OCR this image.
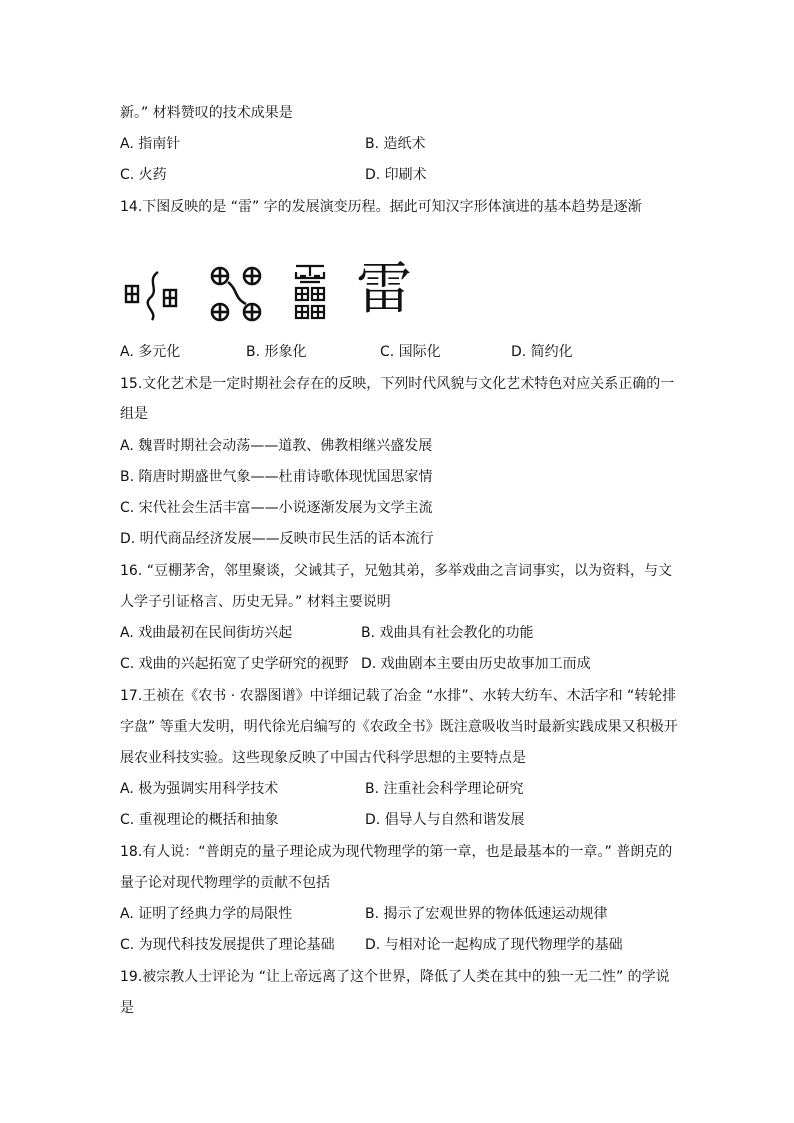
新。” 材料赞叹的技术成果是
A. 指南针	B. 造纸术
C. 火药	D. 印刷术
14.下图反映的是 “雷” 字的发展演变历程。据此可知汉字形体演进的基本趋势是逐渐
雷
A. 多元化	B. 形象化	C. 国际化	D. 简约化
15.文化艺术是一定时期社会存在的反映，下列时代风貌与文化艺术特色对应关系正确的一
组是
A. 魏晋时期社会动荡——道教、佛教相继兴盛发展
B. 隋唐时期盛世气象——杜甫诗歌体现忧国思家情
C. 宋代社会生活丰富——小说逐渐发展为文学主流
D. 明代商品经济发展——反映市民生活的话本流行
16. “豆棚茅舍，邻里聚谈，父诫其子，兄勉其弟，多举戏曲之言词事实，以为资料，与文
人学子引证格言、历史无异。” 材料主要说明
A. 戏曲最初在民间街坊兴起	B. 戏曲具有社会教化的功能
C. 戏曲的兴起拓宽了史学研究的视野 D. 戏曲剧本主要由历史故事加工而成
17.王祯在《农书 · 农器图谱》中详细记载了冶金 “水排”、水转大纺车、木活字和 “转轮排
字盘” 等重大发明，明代徐光启编写的《农政全书》既注意吸收当时最新实践成果又积极开
展农业科技实验。这些现象反映了中国古代科学思想的主要特点是
A. 极为强调实用科学技术	B. 注重社会科学理论研究
C. 重视理论的概括和抽象	D. 倡导人与自然和谐发展
18.有人说：“普朗克的量子理论成为现代物理学的第一章，也是最基本的一章。” 普朗克的
量子论对现代物理学的贡献不包括
A. 证明了经典力学的局限性	B. 揭示了宏观世界的物体低速运动规律
C. 为现代科技发展提供了理论基础 D. 与相对论一起构成了现代物理学的基础
19.被宗教人士评论为 “让上帝远离了这个世界，降低了人类在其中的独一无二性” 的学说
是
